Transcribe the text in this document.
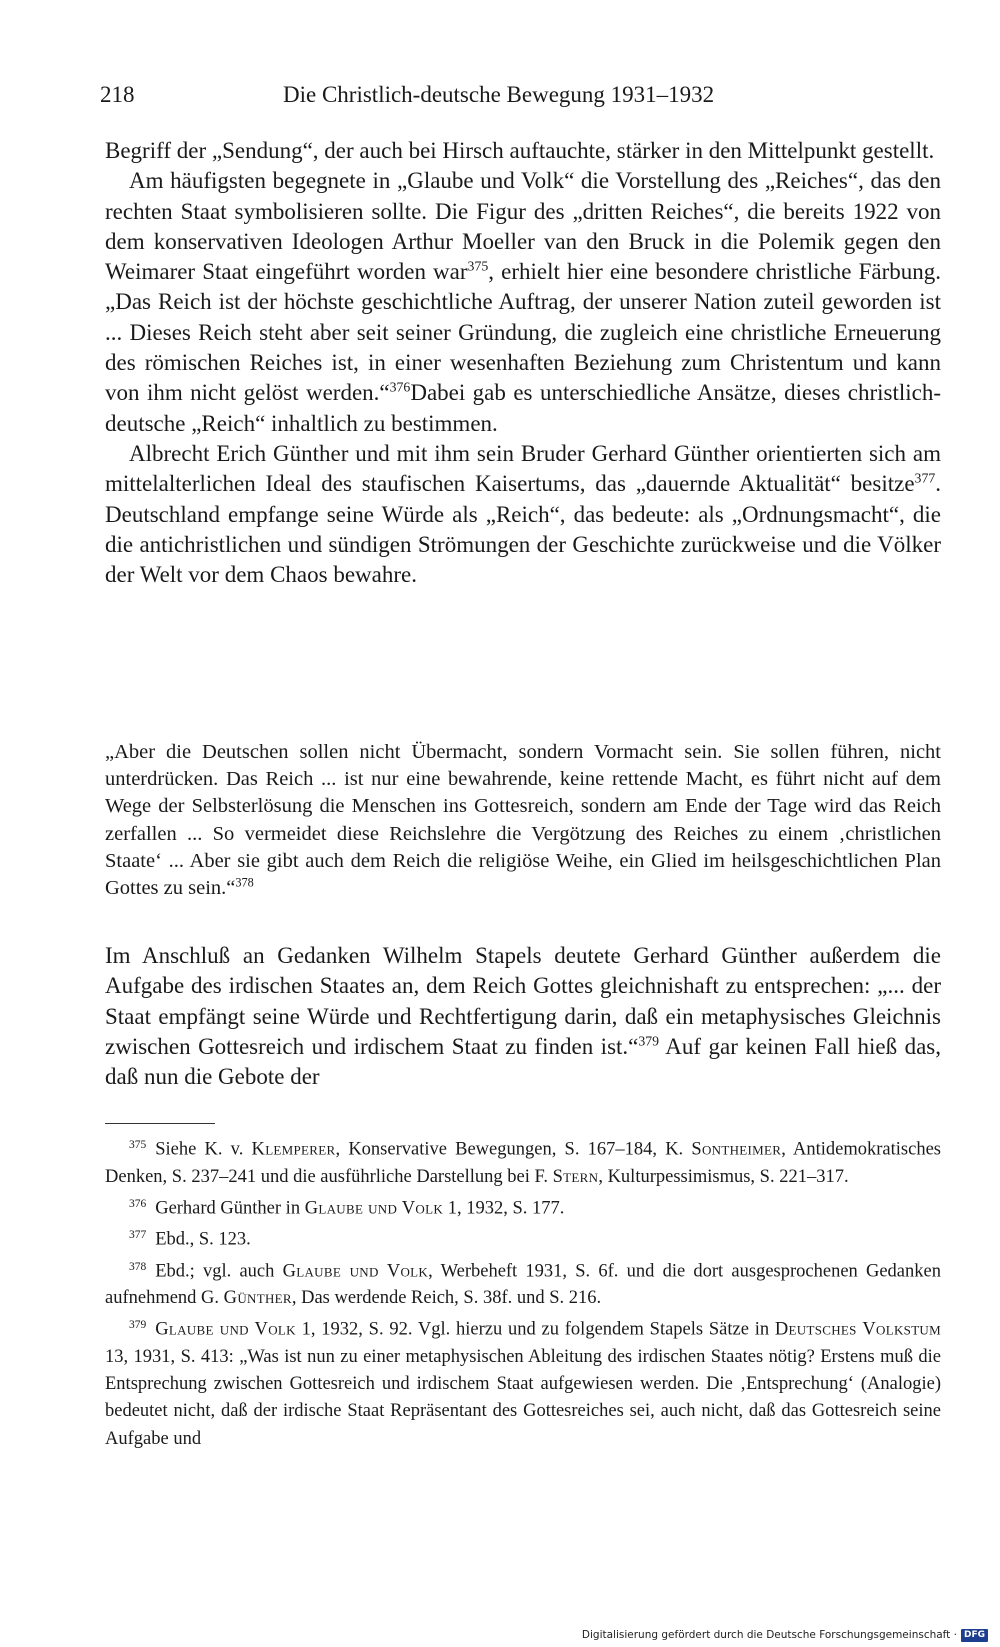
218	Die Christlich-deutsche Bewegung 1931–1932

Begriff der „Sendung“, der auch bei Hirsch auftauchte, stärker in den Mittelpunkt gestellt.

Am häufigsten begegnete in „Glaube und Volk“ die Vorstellung des „Reiches“, das den rechten Staat symbolisieren sollte. Die Figur des „dritten Reiches“, die bereits 1922 von dem konservativen Ideologen Arthur Moeller van den Bruck in die Polemik gegen den Weimarer Staat eingeführt worden war$^{375}$, erhielt hier eine besondere christliche Färbung. „Das Reich ist der höchste geschichtliche Auftrag, der unserer Nation zuteil geworden ist ... Dieses Reich steht aber seit seiner Gründung, die zugleich eine christliche Erneuerung des römischen Reiches ist, in einer wesenhaften Beziehung zum Christentum und kann von ihm nicht gelöst werden.“$^{376}$Dabei gab es unterschiedliche Ansätze, dieses christlich-deutsche „Reich“ inhaltlich zu bestimmen.

Albrecht Erich Günther und mit ihm sein Bruder Gerhard Günther orientierten sich am mittelalterlichen Ideal des staufischen Kaisertums, das „dauernde Aktualität“ besitze$^{377}$. Deutschland empfange seine Würde als „Reich“, das bedeute: als „Ordnungsmacht“, die die antichristlichen und sündigen Strömungen der Geschichte zurückweise und die Völker der Welt vor dem Chaos bewahre.

„Aber die Deutschen sollen nicht Übermacht, sondern Vormacht sein. Sie sollen führen, nicht unterdrücken. Das Reich ... ist nur eine bewahrende, keine rettende Macht, es führt nicht auf dem Wege der Selbsterlösung die Menschen ins Gottesreich, sondern am Ende der Tage wird das Reich zerfallen ... So vermeidet diese Reichslehre die Vergötzung des Reiches zu einem ‚christlichen Staate‘ ... Aber sie gibt auch dem Reich die religiöse Weihe, ein Glied im heilsgeschichtlichen Plan Gottes zu sein.“$^{378}$

Im Anschluß an Gedanken Wilhelm Stapels deutete Gerhard Günther außerdem die Aufgabe des irdischen Staates an, dem Reich Gottes gleichnishaft zu entsprechen: „... der Staat empfängt seine Würde und Rechtfertigung darin, daß ein metaphysisches Gleichnis zwischen Gottesreich und irdischem Staat zu finden ist.“$^{379}$ Auf gar keinen Fall hieß das, daß nun die Gebote der

$^{375}$ Siehe K. v. Klemperer, Konservative Bewegungen, S. 167–184, K. Sontheimer, Antidemokratisches Denken, S. 237–241 und die ausführliche Darstellung bei F. Stern, Kulturpessimismus, S. 221–317.

$^{376}$ Gerhard Günther in Glaube und Volk 1, 1932, S. 177.

$^{377}$ Ebd., S. 123.

$^{378}$ Ebd.; vgl. auch Glaube und Volk, Werbeheft 1931, S. 6f. und die dort ausgesprochenen Gedanken aufnehmend G. Günther, Das werdende Reich, S. 38f. und S. 216.

$^{379}$ Glaube und Volk 1, 1932, S. 92. Vgl. hierzu und zu folgendem Stapels Sätze in Deutsches Volkstum 13, 1931, S. 413: „Was ist nun zu einer metaphysischen Ableitung des irdischen Staates nötig? Erstens muß die Entsprechung zwischen Gottesreich und irdischem Staat aufgewiesen werden. Die ‚Entsprechung‘ (Analogie) bedeutet nicht, daß der irdische Staat Repräsentant des Gottesreiches sei, auch nicht, daß das Gottesreich seine Aufgabe und

Digitalisierung gefördert durch die Deutsche Forschungsgemeinschaft · DFG
